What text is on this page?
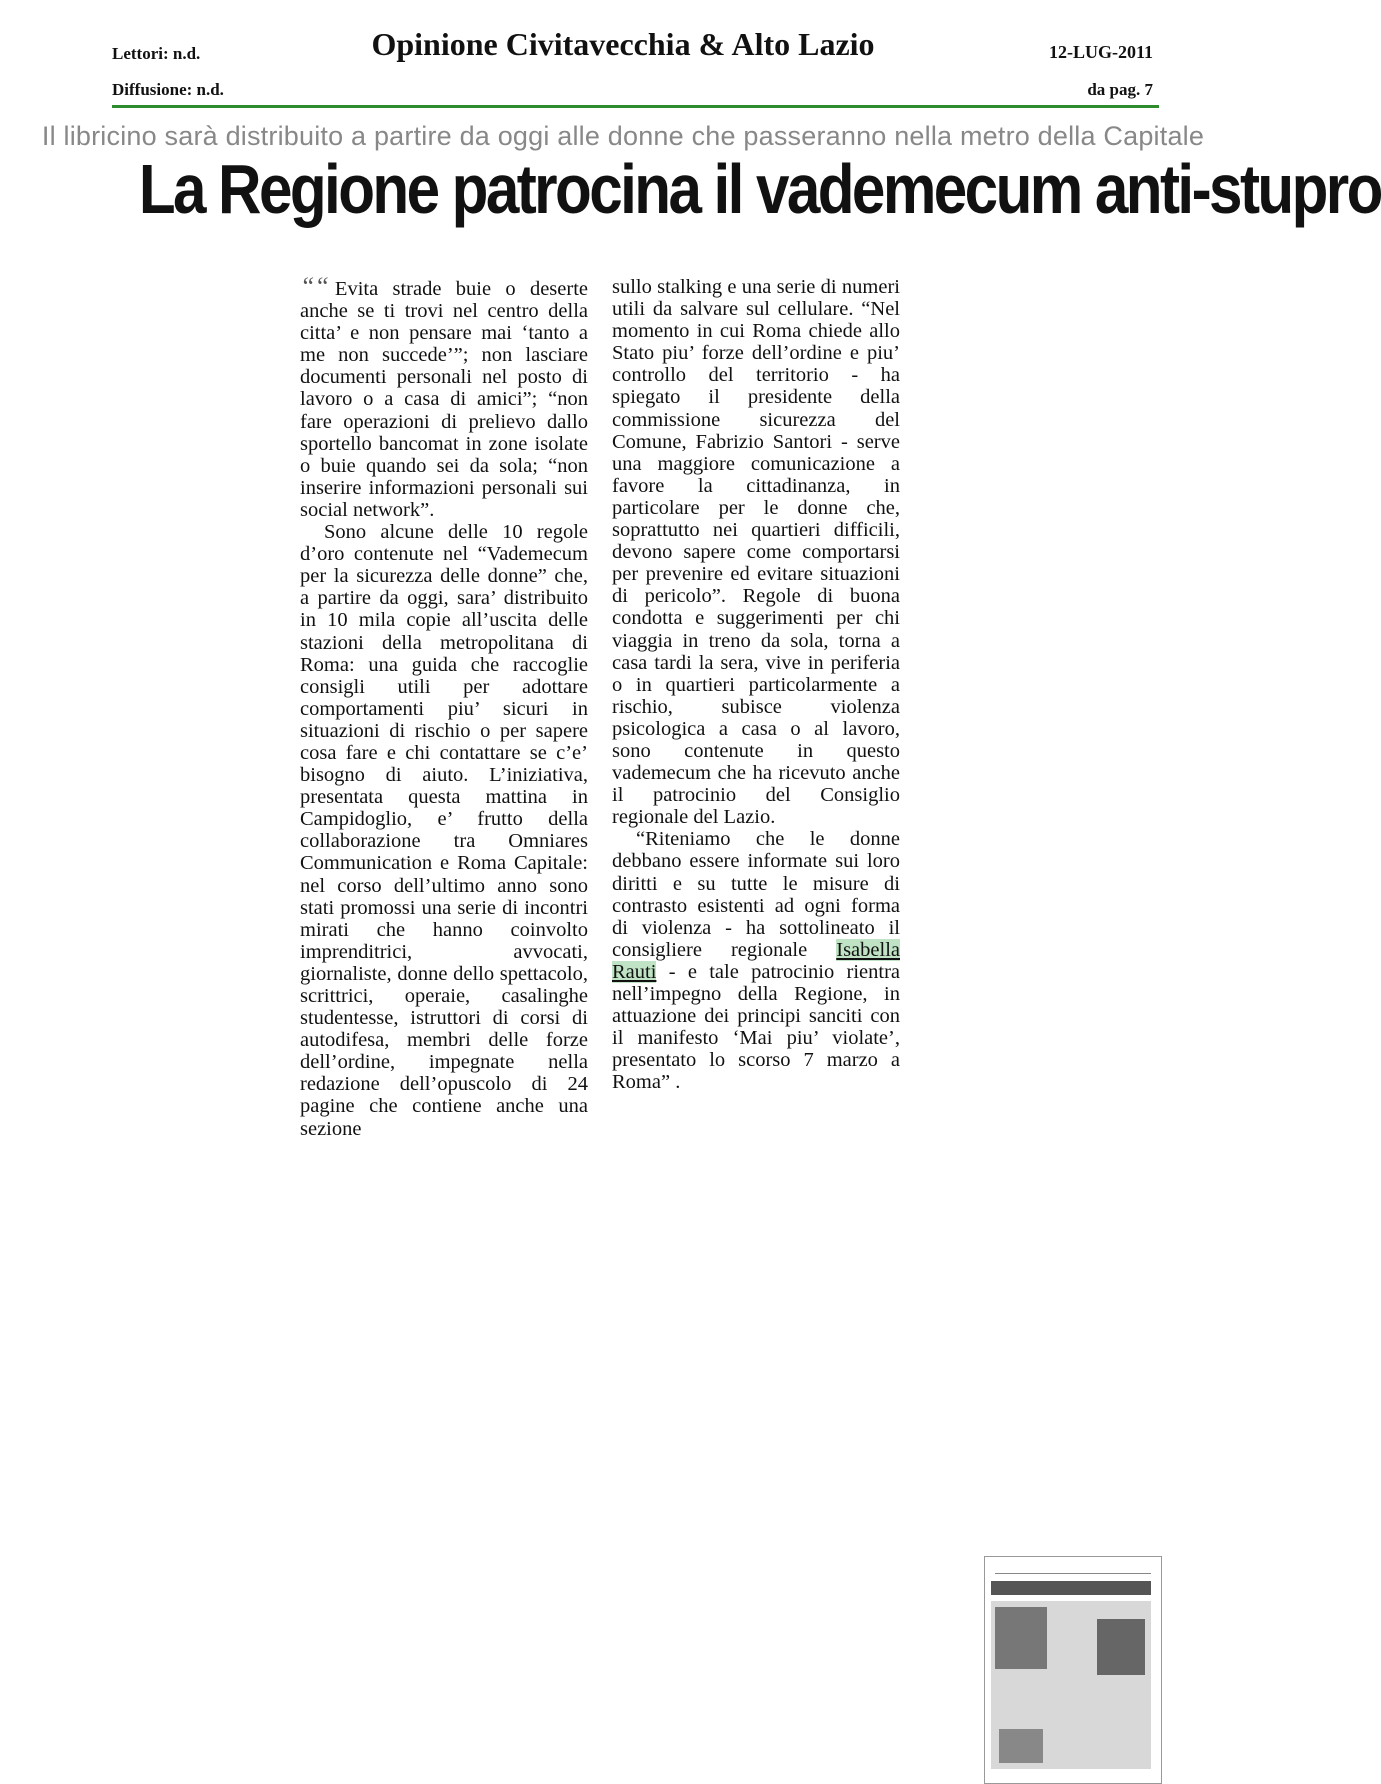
Lettori: n.d.
Diffusione: n.d.
Opinione Civitavecchia & Alto Lazio	12-LUG-2011
da pag. 7
Il libricino sarà distribuito a partire da oggi alle donne che passeranno nella metro della Capitale
La Regione patrocina il vademecum anti-stupro

““ Evita strade buie o deserte anche se ti trovi nel centro della citta’ e non pensare mai ‘tanto a me non succede’”; non lasciare documenti personali nel posto di lavoro o a casa di amici”; “non fare operazioni di prelievo dallo sportello bancomat in zone isolate o buie quando sei da sola; “non inserire informazioni personali sui social network”.

Sono alcune delle 10 regole d’oro contenute nel “Vademecum per la sicurezza delle donne” che, a partire da oggi, sara’ distribuito in 10 mila copie all’uscita delle stazioni della metropolitana di Roma: una guida che raccoglie consigli utili per adottare comportamenti piu’ sicuri in situazioni di rischio o per sapere cosa fare e chi contattare se c’e’ bisogno di aiuto. L’iniziativa, presentata questa mattina in Campidoglio, e’ frutto della collaborazione tra Omniares Communication e Roma Capitale: nel corso dell’ultimo anno sono stati promossi una serie di incontri mirati che hanno coinvolto imprenditrici, avvocati, giornaliste, donne dello spettacolo, scrittrici, operaie, casalinghe studentesse, istruttori di corsi di autodifesa, membri delle forze dell’ordine, impegnate nella redazione dell’opuscolo di 24 pagine che contiene anche una sezione

sullo stalking e una serie di numeri utili da salvare sul cellulare. “Nel momento in cui Roma chiede allo Stato piu’ forze dell’ordine e piu’ controllo del territorio - ha spiegato il presidente della commissione sicurezza del Comune, Fabrizio Santori - serve una maggiore comunicazione a favore la cittadinanza, in particolare per le donne che, soprattutto nei quartieri difficili, devono sapere come comportarsi per prevenire ed evitare situazioni di pericolo”. Regole di buona condotta e suggerimenti per chi viaggia in treno da sola, torna a casa tardi la sera, vive in periferia o in quartieri particolarmente a rischio, subisce violenza psicologica a casa o al lavoro, sono contenute in questo vademecum che ha ricevuto anche il patrocinio del Consiglio regionale del Lazio.

“Riteniamo che le donne debbano essere informate sui loro diritti e su tutte le misure di contrasto esistenti ad ogni forma di violenza - ha sottolineato il consigliere regionale Isabella Rauti - e tale patrocinio rientra nell’impegno della Regione, in attuazione dei principi sanciti con il manifesto ‘Mai piu’ violate’, presentato lo scorso 7 marzo a Roma” .
